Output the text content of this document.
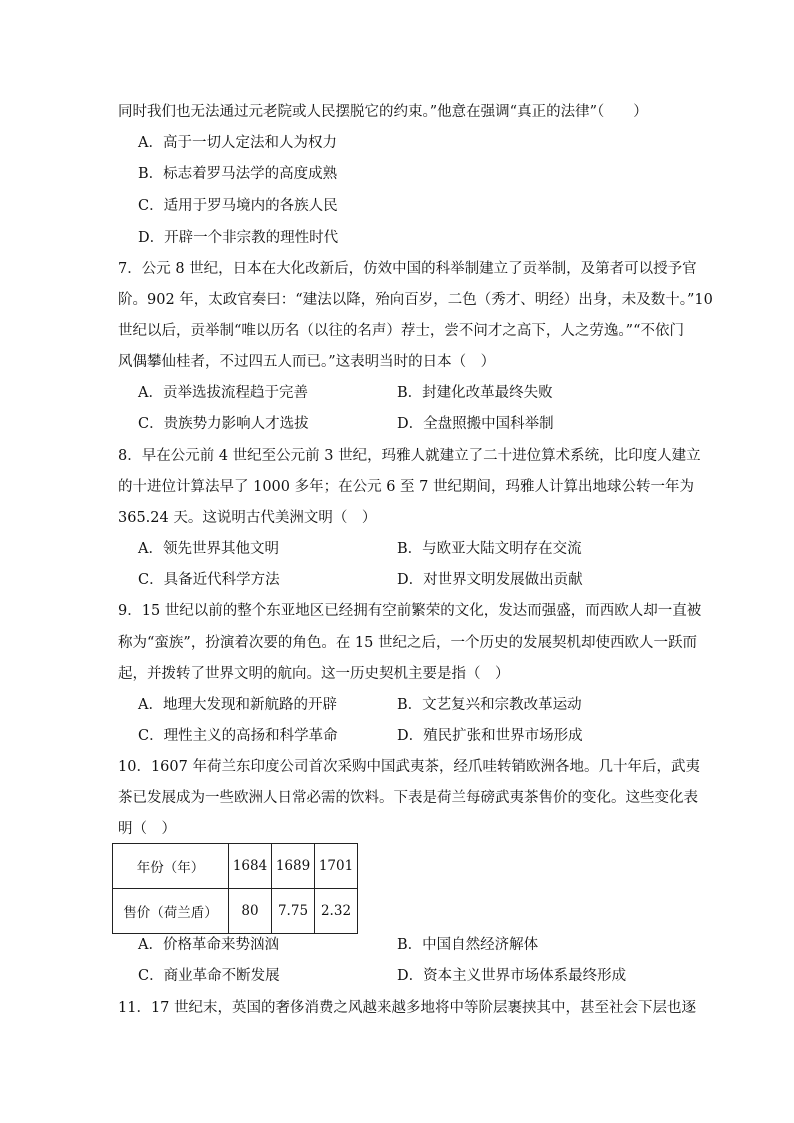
同时我们也无法通过元老院或人民摆脱它的约束。”他意在强调“真正的法律”（　　）
A．高于一切人定法和人为权力
B．标志着罗马法学的高度成熟
C．适用于罗马境内的各族人民
D．开辟一个非宗教的理性时代
7．公元 8 世纪，日本在大化改新后，仿效中国的科举制建立了贡举制，及第者可以授予官
阶。902 年，太政官奏曰：“建法以降，殆向百岁，二色（秀才、明经）出身，未及数十。”10
世纪以后，贡举制“唯以历名（以往的名声）荐士，尝不问才之高下，人之劳逸。”“不依门
风偶攀仙桂者，不过四五人而已。”这表明当时的日本（　）
A．贡举选拔流程趋于完善	B．封建化改革最终失败
C．贵族势力影响人才选拔	D．全盘照搬中国科举制
8．早在公元前 4 世纪至公元前 3 世纪，玛雅人就建立了二十进位算术系统，比印度人建立
的十进位计算法早了 1000 多年；在公元 6 至 7 世纪期间，玛雅人计算出地球公转一年为
365.24 天。这说明古代美洲文明（　）
A．领先世界其他文明	B．与欧亚大陆文明存在交流
C．具备近代科学方法	D．对世界文明发展做出贡献
9．15 世纪以前的整个东亚地区已经拥有空前繁荣的文化，发达而强盛，而西欧人却一直被
称为“蛮族”，扮演着次要的角色。在 15 世纪之后，一个历史的发展契机却使西欧人一跃而
起，并拨转了世界文明的航向。这一历史契机主要是指（　）
A．地理大发现和新航路的开辟	B．文艺复兴和宗教改革运动
C．理性主义的高扬和科学革命	D．殖民扩张和世界市场形成
10．1607 年荷兰东印度公司首次采购中国武夷茶，经爪哇转销欧洲各地。几十年后，武夷
茶已发展成为一些欧洲人日常必需的饮料。下表是荷兰每磅武夷茶售价的变化。这些变化表
明（　）
年份（年）	1684	1689	1701
售价（荷兰盾）	80	7.75	2.32
A．价格革命来势汹汹	B．中国自然经济解体
C．商业革命不断发展	D．资本主义世界市场体系最终形成
11．17 世纪末，英国的奢侈消费之风越来越多地将中等阶层裹挟其中，甚至社会下层也逐
